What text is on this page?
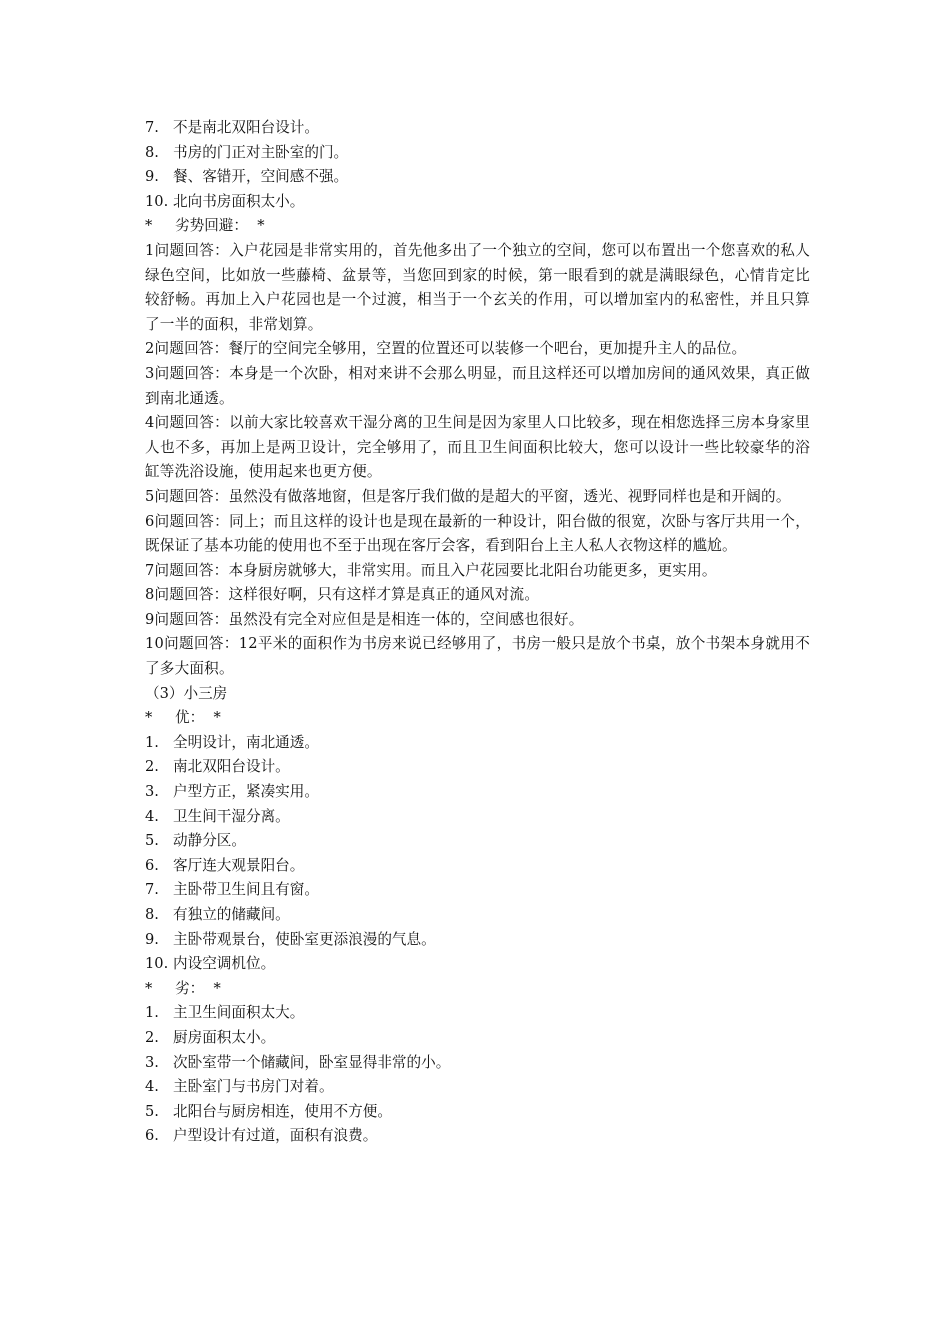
7. 不是南北双阳台设计。
8. 书房的门正对主卧室的门。
9. 餐、客错开，空间感不强。
10. 北向书房面积太小。
* 劣势回避： *
1问题回答：入户花园是非常实用的，首先他多出了一个独立的空间，您可以布置出一个您喜欢的私人绿色空间，比如放一些藤椅、盆景等，当您回到家的时候，第一眼看到的就是满眼绿色，心情肯定比较舒畅。再加上入户花园也是一个过渡，相当于一个玄关的作用，可以增加室内的私密性，并且只算了一半的面积，非常划算。
2问题回答：餐厅的空间完全够用，空置的位置还可以装修一个吧台，更加提升主人的品位。
3问题回答：本身是一个次卧，相对来讲不会那么明显，而且这样还可以增加房间的通风效果，真正做到南北通透。
4问题回答：以前大家比较喜欢干湿分离的卫生间是因为家里人口比较多，现在相您选择三房本身家里人也不多，再加上是两卫设计，完全够用了，而且卫生间面积比较大，您可以设计一些比较豪华的浴缸等洗浴设施，使用起来也更方便。
5问题回答：虽然没有做落地窗，但是客厅我们做的是超大的平窗，透光、视野同样也是和开阔的。
6问题回答：同上；而且这样的设计也是现在最新的一种设计，阳台做的很宽，次卧与客厅共用一个，既保证了基本功能的使用也不至于出现在客厅会客，看到阳台上主人私人衣物这样的尴尬。
7问题回答：本身厨房就够大，非常实用。而且入户花园要比北阳台功能更多，更实用。
8问题回答：这样很好啊，只有这样才算是真正的通风对流。
9问题回答：虽然没有完全对应但是是相连一体的，空间感也很好。
10问题回答：12平米的面积作为书房来说已经够用了，书房一般只是放个书桌，放个书架本身就用不了多大面积。
（3）小三房
* 优： *
1. 全明设计，南北通透。
2. 南北双阳台设计。
3. 户型方正，紧凑实用。
4. 卫生间干湿分离。
5. 动静分区。
6. 客厅连大观景阳台。
7. 主卧带卫生间且有窗。
8. 有独立的储藏间。
9. 主卧带观景台，使卧室更添浪漫的气息。
10. 内设空调机位。
* 劣： *
1. 主卫生间面积太大。
2. 厨房面积太小。
3. 次卧室带一个储藏间，卧室显得非常的小。
4. 主卧室门与书房门对着。
5. 北阳台与厨房相连，使用不方便。
6. 户型设计有过道，面积有浪费。
